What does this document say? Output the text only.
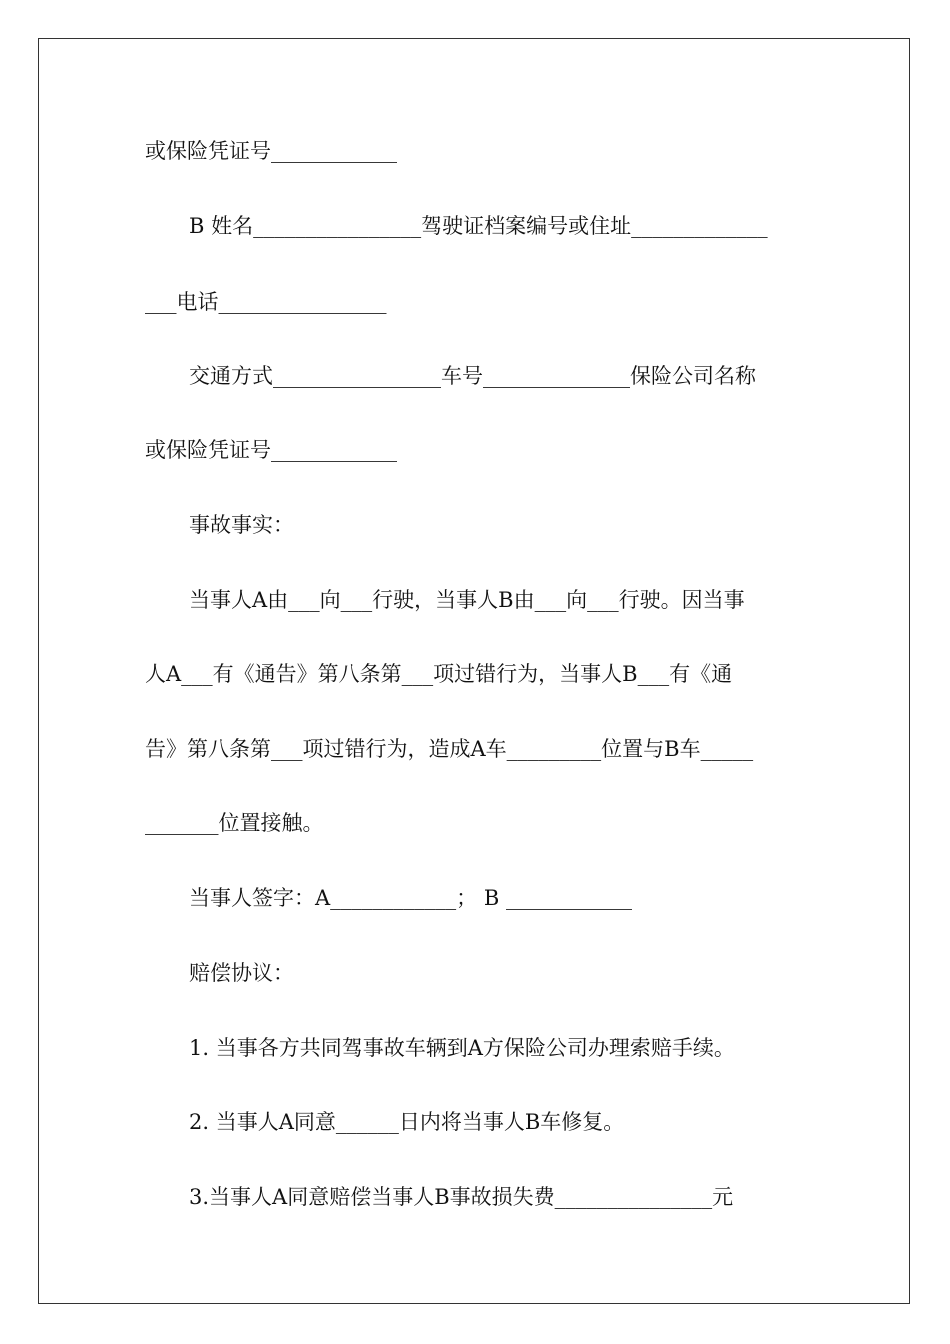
或保险凭证号____________
B 姓名________________驾驶证档案编号或住址_____________
___电话________________
交通方式________________车号______________保险公司名称
或保险凭证号____________
事故事实：
当事人A由___向___行驶，当事人B由___向___行驶。因当事
人A___有《通告》第八条第___项过错行为，当事人B___有《通
告》第八条第___项过错行为，造成A车_________位置与B车_____
_______位置接触。
当事人签字：A____________； B ____________
赔偿协议：
1. 当事各方共同驾事故车辆到A方保险公司办理索赔手续。
2. 当事人A同意______日内将当事人B车修复。
3.当事人A同意赔偿当事人B事故损失费_______________元
